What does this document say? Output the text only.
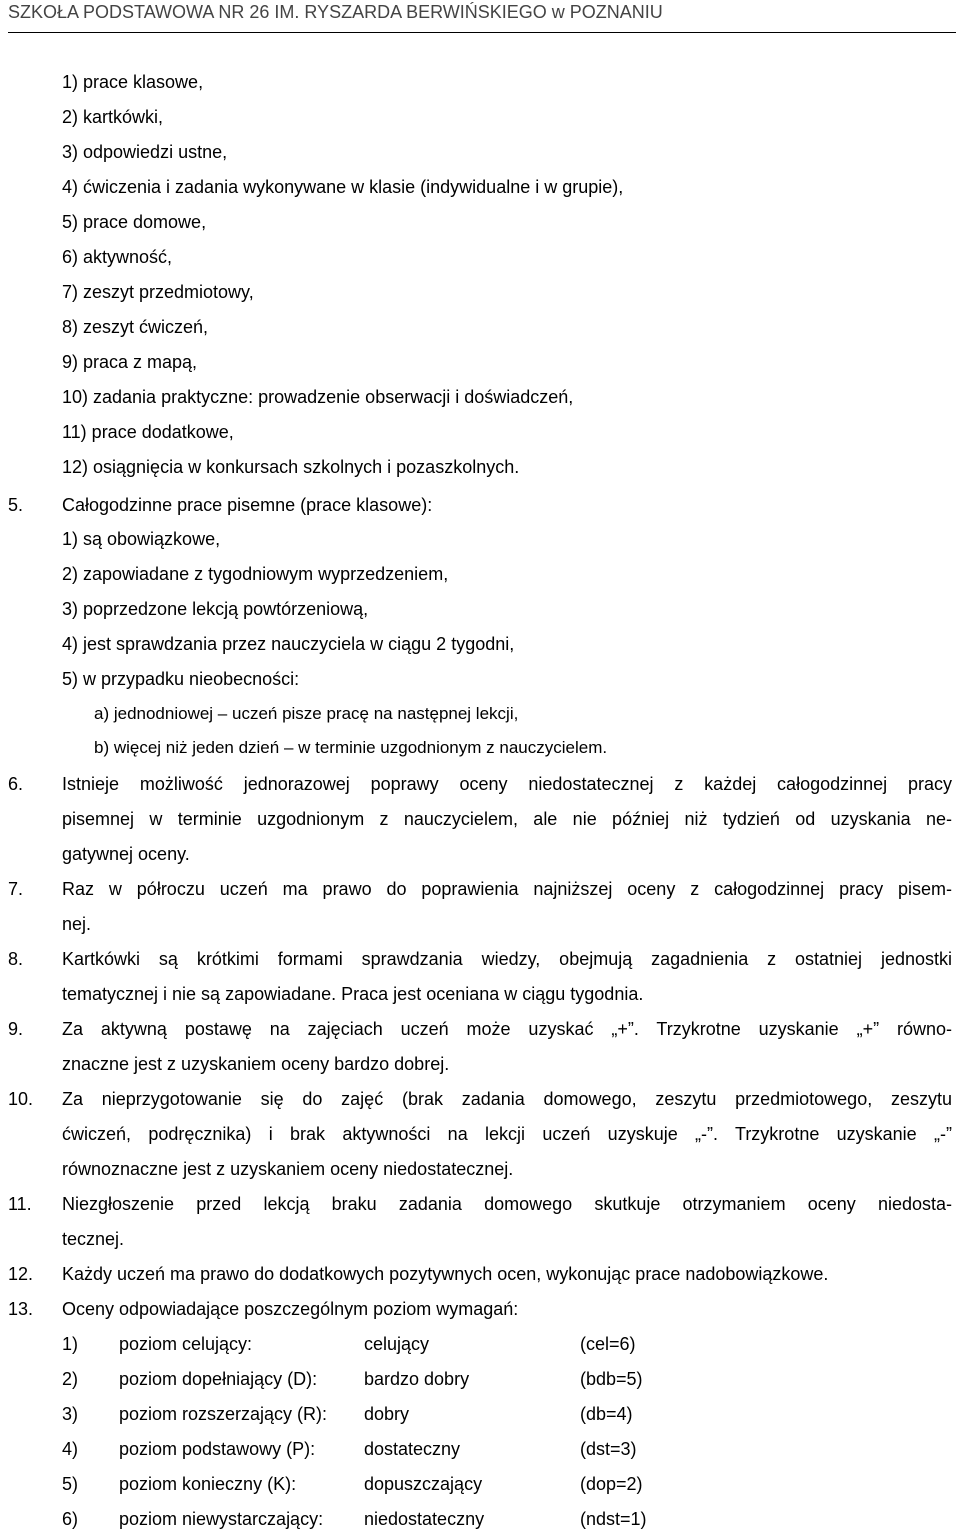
SZKOŁA PODSTAWOWA NR 26 IM. RYSZARDA BERWIŃSKIEGO w POZNANIU
1) prace klasowe,
2) kartkówki,
3) odpowiedzi ustne,
4) ćwiczenia i zadania wykonywane w klasie (indywidualne i w grupie),
5) prace domowe,
6) aktywność,
7) zeszyt przedmiotowy,
8) zeszyt ćwiczeń,
9) praca z mapą,
10) zadania praktyczne: prowadzenie obserwacji i doświadczeń,
11) prace dodatkowe,
12) osiągnięcia w konkursach szkolnych i pozaszkolnych.
5. Całogodzinne prace pisemne (prace klasowe):
1) są obowiązkowe,
2) zapowiadane z tygodniowym wyprzedzeniem,
3) poprzedzone lekcją powtórzeniową,
4) jest sprawdzania przez nauczyciela w ciągu 2 tygodni,
5) w przypadku nieobecności:
a) jednodniowej – uczeń pisze pracę na następnej lekcji,
b) więcej niż jeden dzień – w terminie uzgodnionym z nauczycielem.
6. Istnieje możliwość jednorazowej poprawy oceny niedostatecznej z każdej całogodzinnej pracy
pisemnej w terminie uzgodnionym z nauczycielem, ale nie później niż tydzień od uzyskania ne-
gatywnej oceny.
7. Raz w półroczu uczeń ma prawo do poprawienia najniższej oceny z całogodzinnej pracy pisem-
nej.
8. Kartkówki są krótkimi formami sprawdzania wiedzy, obejmują zagadnienia z ostatniej jednostki
tematycznej i nie są zapowiadane. Praca jest oceniana w ciągu tygodnia.
9. Za aktywną postawę na zajęciach uczeń może uzyskać „+”. Trzykrotne uzyskanie „+” równo-
znaczne jest z uzyskaniem oceny bardzo dobrej.
10. Za nieprzygotowanie się do zajęć (brak zadania domowego, zeszytu przedmiotowego, zeszytu
ćwiczeń, podręcznika) i brak aktywności na lekcji uczeń uzyskuje „-”. Trzykrotne uzyskanie „-”
równoznaczne jest z uzyskaniem oceny niedostatecznej.
11. Niezgłoszenie przed lekcją braku zadania domowego skutkuje otrzymaniem oceny niedosta-
tecznej.
12. Każdy uczeń ma prawo do dodatkowych pozytywnych ocen, wykonując prace nadobowiązkowe.
13. Oceny odpowiadające poszczególnym poziom wymagań:
1) poziom celujący:	celujący	(cel=6)
2) poziom dopełniający (D):	bardzo dobry	(bdb=5)
3) poziom rozszerzający (R): dobry	(db=4)
4) poziom podstawowy (P):	dostateczny	(dst=3)
5) poziom konieczny (K):	dopuszczający	(dop=2)
6) poziom niewystarczający: niedostateczny	(ndst=1)
